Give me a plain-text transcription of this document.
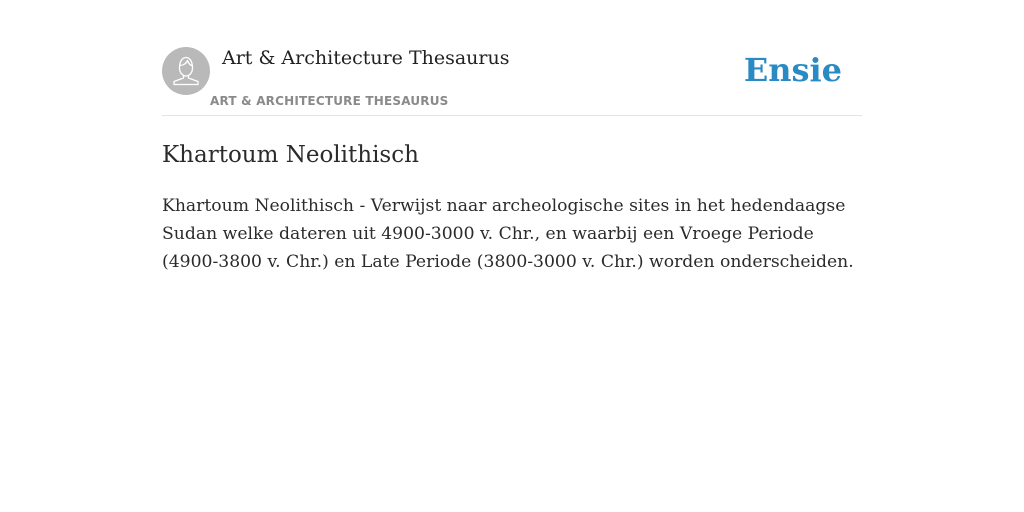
Art & Architecture Thesaurus
ART & ARCHITECTURE THESAURUS
Ensie
Khartoum Neolithisch

Khartoum Neolithisch - Verwijst naar archeologische sites in het hedendaagse Sudan welke dateren uit 4900-3000 v. Chr., en waarbij een Vroege Periode (4900-3800 v. Chr.) en Late Periode (3800-3000 v. Chr.) worden onderscheiden.
